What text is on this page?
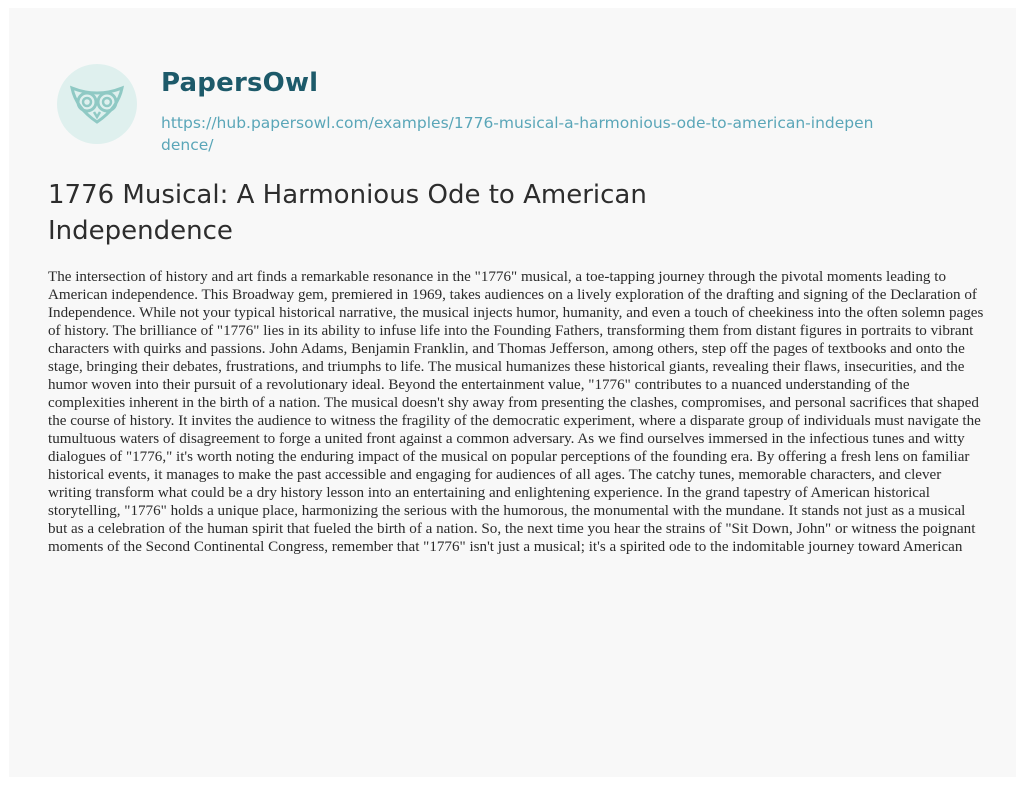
PapersOwl
https://hub.papersowl.com/examples/1776-musical-a-harmonious-ode-to-american-independence/
1776 Musical: A Harmonious Ode to American Independence

The intersection of history and art finds a remarkable resonance in the "1776" musical, a toe-tapping journey through the pivotal moments leading to American independence. This Broadway gem, premiered in 1969, takes audiences on a lively exploration of the drafting and signing of the Declaration of Independence. While not your typical historical narrative, the musical injects humor, humanity, and even a touch of cheekiness into the often solemn pages of history. The brilliance of "1776" lies in its ability to infuse life into the Founding Fathers, transforming them from distant figures in portraits to vibrant characters with quirks and passions. John Adams, Benjamin Franklin, and Thomas Jefferson, among others, step off the pages of textbooks and onto the stage, bringing their debates, frustrations, and triumphs to life. The musical humanizes these historical giants, revealing their flaws, insecurities, and the humor woven into their pursuit of a revolutionary ideal. Beyond the entertainment value, "1776" contributes to a nuanced understanding of the complexities inherent in the birth of a nation. The musical doesn't shy away from presenting the clashes, compromises, and personal sacrifices that shaped the course of history. It invites the audience to witness the fragility of the democratic experiment, where a disparate group of individuals must navigate the tumultuous waters of disagreement to forge a united front against a common adversary. As we find ourselves immersed in the infectious tunes and witty dialogues of "1776," it's worth noting the enduring impact of the musical on popular perceptions of the founding era. By offering a fresh lens on familiar historical events, it manages to make the past accessible and engaging for audiences of all ages. The catchy tunes, memorable characters, and clever writing transform what could be a dry history lesson into an entertaining and enlightening experience. In the grand tapestry of American historical storytelling, "1776" holds a unique place, harmonizing the serious with the humorous, the monumental with the mundane. It stands not just as a musical but as a celebration of the human spirit that fueled the birth of a nation. So, the next time you hear the strains of "Sit Down, John" or witness the poignant moments of the Second Continental Congress, remember that "1776" isn't just a musical; it's a spirited ode to the indomitable journey toward American
